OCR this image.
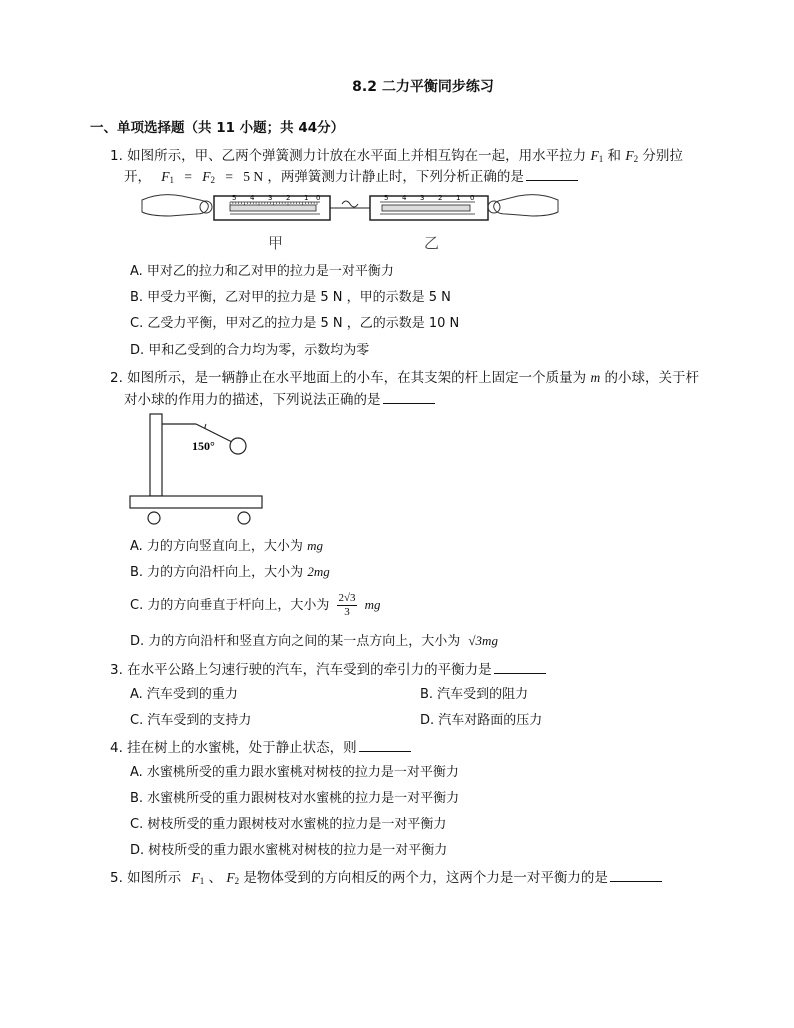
8.2 二力平衡同步练习
一、单项选择题（共 11 小题；共 44分）
1. 如图所示，甲、乙两个弹簧测力计放在水平面上并相互钩在一起，用水平拉力 $F_1$ 和 $F_2$ 分别拉
开， $F_1 = F_2 = 5$ N ，两弹簧测力计静止时，下列分析正确的是
5 4 3 2 1 0	5 4 3 2 1 0
甲	乙
A. 甲对乙的拉力和乙对甲的拉力是一对平衡力
B. 甲受力平衡，乙对甲的拉力是 5 N ，甲的示数是 5 N
C. 乙受力平衡，甲对乙的拉力是 5 N ，乙的示数是 10 N
D. 甲和乙受到的合力均为零，示数均为零
2. 如图所示，是一辆静止在水平地面上的小车，在其支架的杆上固定一个质量为 m 的小球，关于杆
对小球的作用力的描述，下列说法正确的是
150°
A. 力的方向竖直向上，大小为 mg
B. 力的方向沿杆向上，大小为 2mg
C. 力的方向垂直于杆向上，大小为 $\frac{2√3}{3}$ mg
D. 力的方向沿杆和竖直方向之间的某一点方向上，大小为 √3mg
3. 在水平公路上匀速行驶的汽车，汽车受到的牵引力的平衡力是
A. 汽车受到的重力	B. 汽车受到的阻力
C. 汽车受到的支持力	D. 汽车对路面的压力
4. 挂在树上的水蜜桃，处于静止状态，则
A. 水蜜桃所受的重力跟水蜜桃对树枝的拉力是一对平衡力
B. 水蜜桃所受的重力跟树枝对水蜜桃的拉力是一对平衡力
C. 树枝所受的重力跟树枝对水蜜桃的拉力是一对平衡力
D. 树枝所受的重力跟水蜜桃对树枝的拉力是一对平衡力
5. 如图所示 $F_1$ 、 $F_2$ 是物体受到的方向相反的两个力，这两个力是一对平衡力的是
